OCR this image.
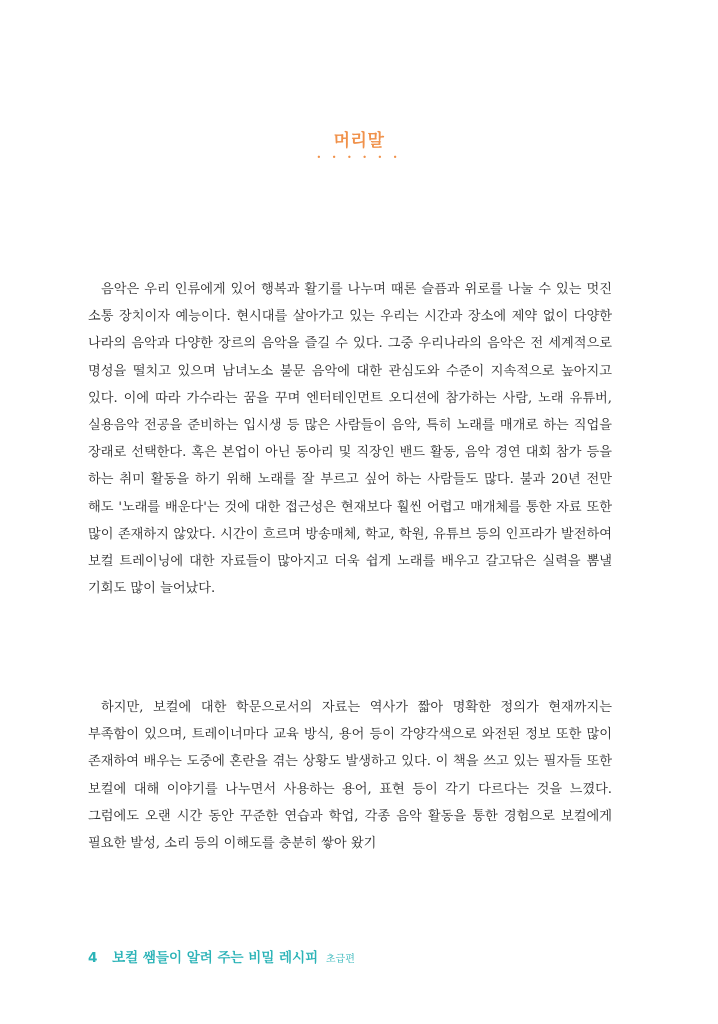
머리말
• • • • • •

음악은 우리 인류에게 있어 행복과 활기를 나누며 때론 슬픔과 위로를 나눌 수 있는 멋진 소통 장치이자 예능이다. 현시대를 살아가고 있는 우리는 시간과 장소에 제약 없이 다양한 나라의 음악과 다양한 장르의 음악을 즐길 수 있다. 그중 우리나라의 음악은 전 세계적으로 명성을 떨치고 있으며 남녀노소 불문 음악에 대한 관심도와 수준이 지속적으로 높아지고 있다. 이에 따라 가수라는 꿈을 꾸며 엔터테인먼트 오디션에 참가하는 사람, 노래 유튜버, 실용음악 전공을 준비하는 입시생 등 많은 사람들이 음악, 특히 노래를 매개로 하는 직업을 장래로 선택한다. 혹은 본업이 아닌 동아리 및 직장인 밴드 활동, 음악 경연 대회 참가 등을 하는 취미 활동을 하기 위해 노래를 잘 부르고 싶어 하는 사람들도 많다. 불과 20년 전만 해도 '노래를 배운다'는 것에 대한 접근성은 현재보다 훨씬 어렵고 매개체를 통한 자료 또한 많이 존재하지 않았다. 시간이 흐르며 방송매체, 학교, 학원, 유튜브 등의 인프라가 발전하여 보컬 트레이닝에 대한 자료들이 많아지고 더욱 쉽게 노래를 배우고 갈고닦은 실력을 뽐낼 기회도 많이 늘어났다.

하지만, 보컬에 대한 학문으로서의 자료는 역사가 짧아 명확한 정의가 현재까지는 부족함이 있으며, 트레이너마다 교육 방식, 용어 등이 각양각색으로 와전된 정보 또한 많이 존재하여 배우는 도중에 혼란을 겪는 상황도 발생하고 있다. 이 책을 쓰고 있는 필자들 또한 보컬에 대해 이야기를 나누면서 사용하는 용어, 표현 등이 각기 다르다는 것을 느꼈다. 그럼에도 오랜 시간 동안 꾸준한 연습과 학업, 각종 음악 활동을 통한 경험으로 보컬에게 필요한 발성, 소리 등의 이해도를 충분히 쌓아 왔기

4 보컬 쌤들이 알려 주는 비밀 레시피 초급편
